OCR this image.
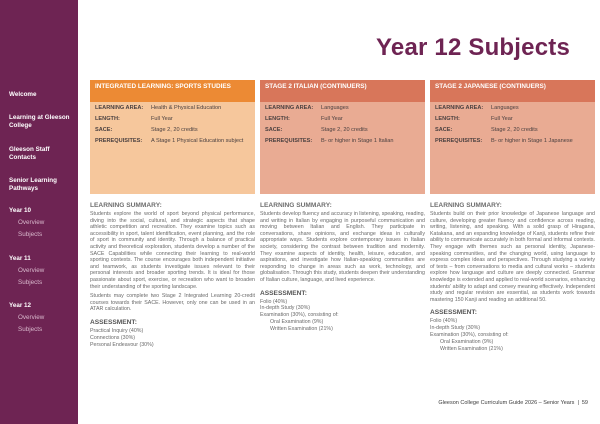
Welcome
Learning at Gleeson College
Gleeson Staff Contacts
Senior Learning Pathways
Year 10
Overview
Subjects
Year 11
Overview
Subjects
Year 12
Overview
Subjects
Year 12 Subjects
INTEGRATED LEARNING: SPORTS STUDIES
LEARNING AREA:	Health & Physical Education
LENGTH:	Full Year
SACE:	Stage 2, 20 credits
PREREQUISITES:	A Stage 1 Physical Education subject
LEARNING SUMMARY:

Students explore the world of sport beyond physical performance, diving into the social, cultural, and strategic aspects that shape athletic competition and recreation. They examine topics such as accessibility in sport, talent identification, event planning, and the role of sport in community and identity. Through a balance of practical activity and theoretical exploration, students develop a number of the SACE Capabilities while connecting their learning to real-world sporting contexts. The course encourages both independent initiative and teamwork, as students investigate issues relevant to their personal interests and broader sporting trends. It is ideal for those passionate about sport, exercise, or recreation who want to broaden their understanding of the sporting landscape.

Students may complete two Stage 2 Integrated Learning 20-credit courses towards their SACE. However, only one can be used in an ATAR calculation.

ASSESSMENT:
Practical Inquiry (40%)
Connections (30%)
Personal Endeavour (30%)
STAGE 2 ITALIAN (CONTINUERS)
LEARNING AREA:	Languages
LENGTH:	Full Year
SACE:	Stage 2, 20 credits
PREREQUISITES:	B- or higher in Stage 1 Italian
LEARNING SUMMARY:

Students develop fluency and accuracy in listening, speaking, reading, and writing in Italian by engaging in purposeful communication and moving between Italian and English. They participate in conversations, share opinions, and exchange ideas in culturally appropriate ways. Students explore contemporary issues in Italian society, considering the contrast between tradition and modernity. They examine aspects of identity, health, leisure, education, and aspirations, and investigate how Italian-speaking communities are responding to change in areas such as work, technology, and globalisation. Through this study, students deepen their understanding of Italian culture, language, and lived experience.

ASSESSMENT:
Folio (40%)
In-depth Study (30%)
Examination (30%), consisting of:
Oral Examination (9%)
Written Examination (21%)
STAGE 2 JAPANESE (CONTINUERS)
LEARNING AREA:	Languages
LENGTH:	Full Year
SACE:	Stage 2, 20 credits
PREREQUISITES:	B- or higher in Stage 1 Japanese
LEARNING SUMMARY:

Students build on their prior knowledge of Japanese language and culture, developing greater fluency and confidence across reading, writing, listening, and speaking. With a solid grasp of Hiragana, Katakana, and an expanding knowledge of Kanji, students refine their ability to communicate accurately in both formal and informal contexts. They engage with themes such as personal identity, Japanese-speaking communities, and the changing world, using language to express complex ideas and perspectives. Through studying a variety of texts – from conversations to media and cultural works – students explore how language and culture are deeply connected. Grammar knowledge is extended and applied to real-world scenarios, enhancing students' ability to adapt and convey meaning effectively. Independent study and regular revision are essential, as students work towards mastering 150 Kanji and reading an additional 50.

ASSESSMENT:
Folio (40%)
In-depth Study (30%)
Examination (30%), consisting of:
Oral Examination (9%)
Written Examination (21%)
Gleeson College Curriculum Guide 2026 – Senior Years | 59
